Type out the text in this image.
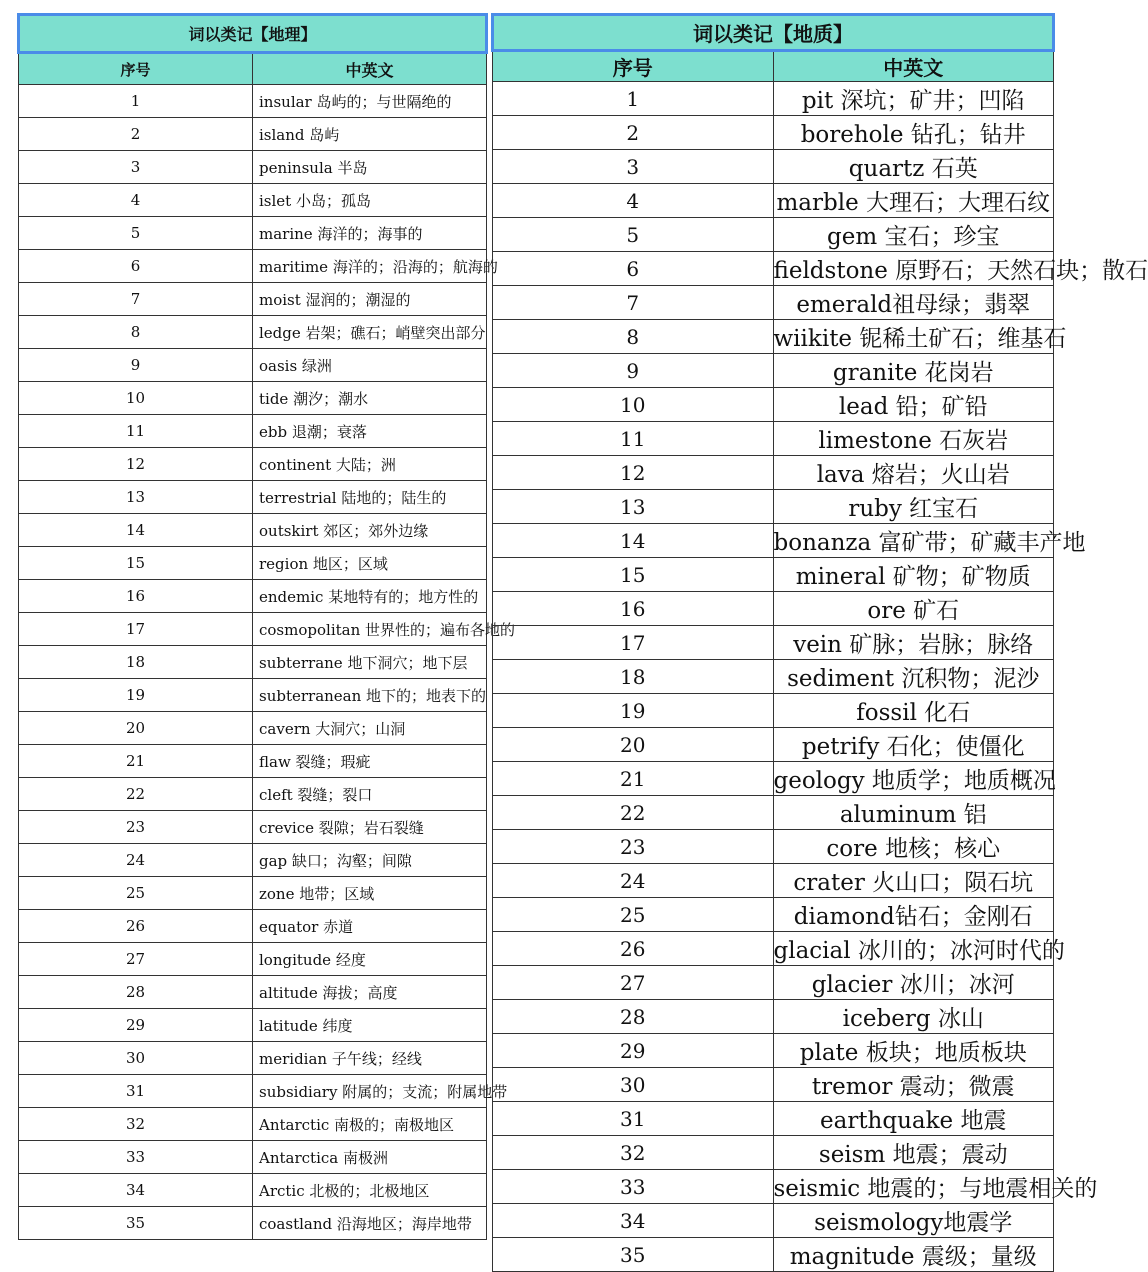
词以类记【地理】	
序号	中英文
1	insular 岛屿的；与世隔绝的
2	island 岛屿
3	peninsula 半岛
4	islet 小岛；孤岛
5	marine 海洋的；海事的
6	maritime 海洋的；沿海的；航海的
7	moist 湿润的；潮湿的
8	ledge 岩架；礁石；峭壁突出部分
9	oasis 绿洲
10	tide 潮汐；潮水
11	ebb 退潮；衰落
12	continent 大陆；洲
13	terrestrial 陆地的；陆生的
14	outskirt 郊区；郊外边缘
15	region 地区；区域
16	endemic 某地特有的；地方性的
17	cosmopolitan 世界性的；遍布各地的
18	subterrane 地下洞穴；地下层
19	subterranean 地下的；地表下的
20	cavern 大洞穴；山洞
21	flaw 裂缝；瑕疵
22	cleft 裂缝；裂口
23	crevice 裂隙；岩石裂缝
24	gap 缺口；沟壑；间隙
25	zone 地带；区域
26	equator 赤道
27	longitude 经度
28	altitude 海拔；高度
29	latitude 纬度
30	meridian 子午线；经线
31	subsidiary 附属的；支流；附属地带
32	Antarctic 南极的；南极地区
33	Antarctica 南极洲
34	Arctic 北极的；北极地区
35	coastland 沿海地区；海岸地带
词以类记【地质】	
序号	中英文
1	pit 深坑；矿井；凹陷
2	borehole 钻孔；钻井
3	quartz 石英
4	marble 大理石；大理石纹
5	gem 宝石；珍宝
6	fieldstone 原野石；天然石块；散石
7	emerald祖母绿；翡翠
8	wiikite 铌稀土矿石；维基石
9	granite 花岗岩
10	lead 铅；矿铅
11	limestone 石灰岩
12	lava 熔岩；火山岩
13	ruby 红宝石
14	bonanza 富矿带；矿藏丰产地
15	mineral 矿物；矿物质
16	ore 矿石
17	vein 矿脉；岩脉；脉络
18	sediment 沉积物；泥沙
19	fossil 化石
20	petrify 石化；使僵化
21	geology 地质学；地质概况
22	aluminum 铝
23	core 地核；核心
24	crater 火山口；陨石坑
25	diamond钻石；金刚石
26	glacial 冰川的；冰河时代的
27	glacier 冰川；冰河
28	iceberg 冰山
29	plate 板块；地质板块
30	tremor 震动；微震
31	earthquake 地震
32	seism 地震；震动
33	seismic 地震的；与地震相关的
34	seismology地震学
35	magnitude 震级；量级
